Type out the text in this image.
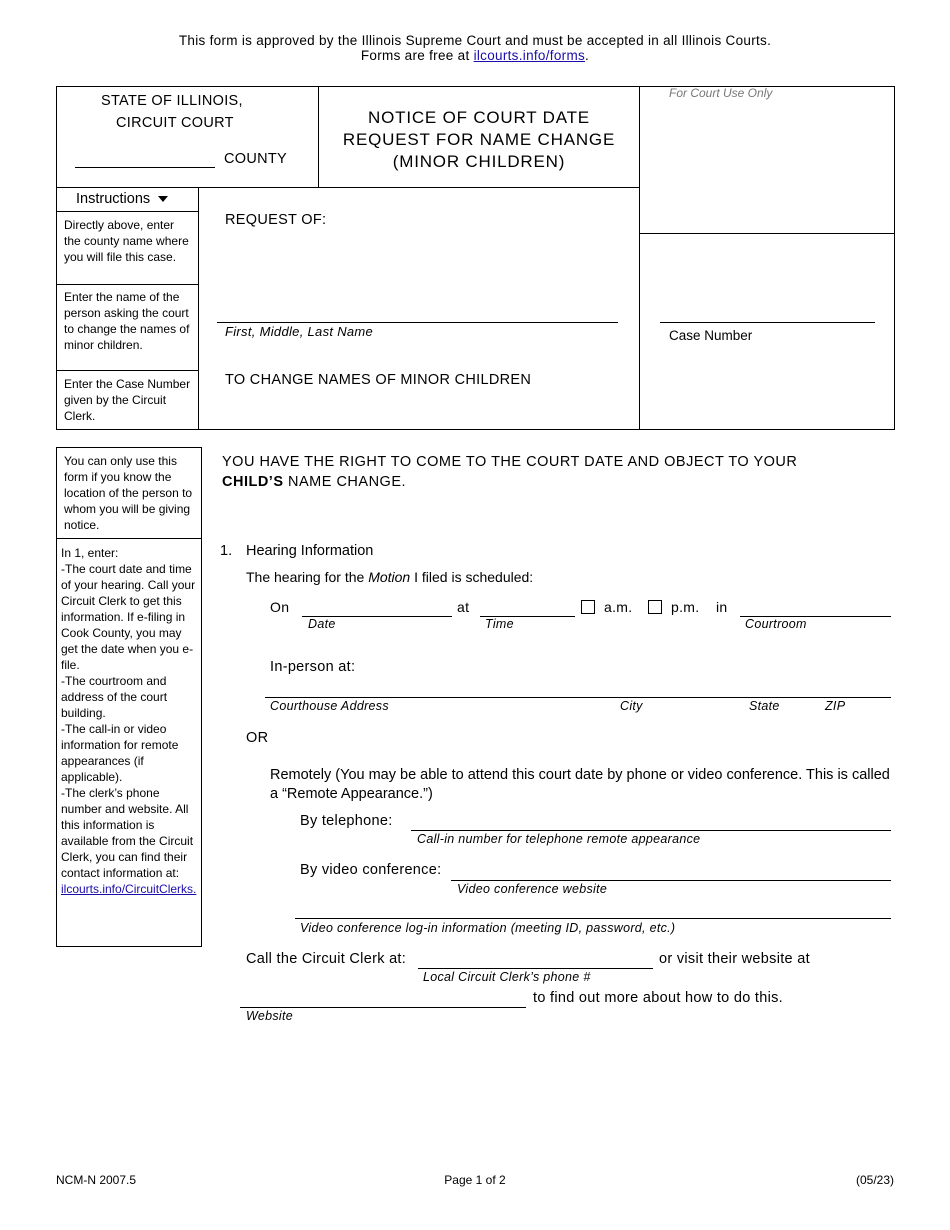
This form is approved by the Illinois Supreme Court and must be accepted in all Illinois Courts.
Forms are free at ilcourts.info/forms.
STATE OF ILLINOIS,
CIRCUIT COURT
COUNTY
NOTICE OF COURT DATE
REQUEST FOR NAME CHANGE
(MINOR CHILDREN)
For Court Use Only
Instructions
Directly above, enter the county name where you will file this case.
Enter the name of the person asking the court to change the names of minor children.
Enter the Case Number given by the Circuit Clerk.
REQUEST OF:
First, Middle, Last Name
TO CHANGE NAMES OF MINOR CHILDREN
Case Number
You can only use this form if you know the location of the person to whom you will be giving notice.
In 1, enter:
-The court date and time of your hearing. Call your Circuit Clerk to get this information. If e-filing in Cook County, you may get the date when you e-file.
-The courtroom and address of the court building.
-The call-in or video information for remote appearances (if applicable).
-The clerk’s phone number and website. All this information is available from the Circuit Clerk, you can find their contact information at:
ilcourts.info/CircuitClerks.
YOU HAVE THE RIGHT TO COME TO THE COURT DATE AND OBJECT TO YOUR
CHILD’S NAME CHANGE.
1. Hearing Information
The hearing for the Motion I filed is scheduled:
On
Date
at
Time
a.m.	p.m. in
Courtroom
In-person at:
Courthouse Address	City	State	ZIP
OR
Remotely (You may be able to attend this court date by phone or video conference. This is called a “Remote Appearance.”)
By telephone:
Call-in number for telephone remote appearance
By video conference:
Video conference website
Video conference log-in information (meeting ID, password, etc.)
Call the Circuit Clerk at:
Local Circuit Clerk’s phone #
or visit their website at
to find out more about how to do this.
Website
NCM-N 2007.5	Page 1 of 2	(05/23)
